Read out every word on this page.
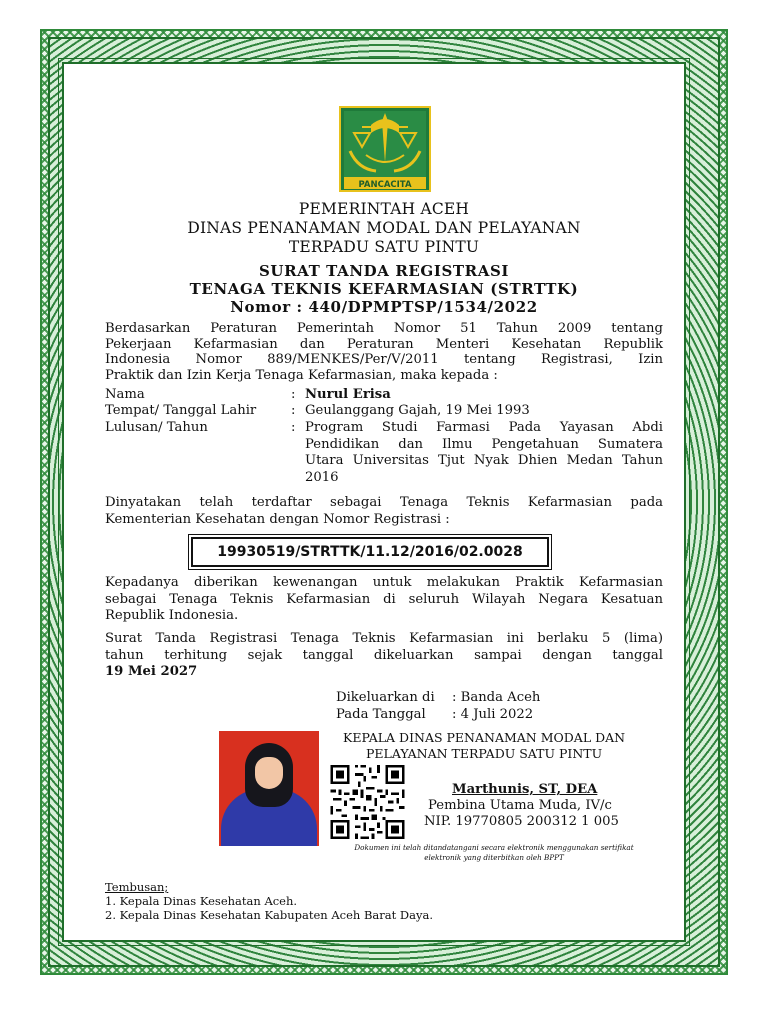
PANCACITA
PEMERINTAH ACEH
DINAS PENANAMAN MODAL DAN PELAYANAN
TERPADU SATU PINTU
SURAT TANDA REGISTRASI
TENAGA TEKNIS KEFARMASIAN (STRTTK)
Nomor : 440/DPMPTSP/1534/2022
Berdasarkan Peraturan Pemerintah Nomor 51 Tahun 2009 tentang
Pekerjaan Kefarmasian dan Peraturan Menteri Kesehatan Republik
Indonesia Nomor 889/MENKES/Per/V/2011 tentang Registrasi, Izin
Praktik dan Izin Kerja Tenaga Kefarmasian, maka kepada :
Nama	: Nurul Erisa
Tempat/ Tanggal Lahir	: Geulanggang Gajah, 19 Mei 1993
Lulusan/ Tahun	: Program Studi Farmasi Pada Yayasan Abdi
Pendidikan dan Ilmu Pengetahuan Sumatera
Utara Universitas Tjut Nyak Dhien Medan Tahun
2016
Dinyatakan telah terdaftar sebagai Tenaga Teknis Kefarmasian pada
Kementerian Kesehatan dengan Nomor Registrasi :
19930519/STRTTK/11.12/2016/02.0028
Kepadanya diberikan kewenangan untuk melakukan Praktik Kefarmasian
sebagai Tenaga Teknis Kefarmasian di seluruh Wilayah Negara Kesatuan
Republik Indonesia.
Surat Tanda Registrasi Tenaga Teknis Kefarmasian ini berlaku 5 (lima)
tahun terhitung sejak tanggal dikeluarkan sampai dengan tanggal
19 Mei 2027
Dikeluarkan di : Banda Aceh
Pada Tanggal : 4 Juli 2022
KEPALA DINAS PENANAMAN MODAL DAN
PELAYANAN TERPADU SATU PINTU
Marthunis, ST, DEA
Pembina Utama Muda, IV/c
NIP. 19770805 200312 1 005
Dokumen ini telah ditandatangani secara elektronik menggunakan sertifikat
elektronik yang diterbitkan oleh BPPT
Tembusan;
1. Kepala Dinas Kesehatan Aceh.
2. Kepala Dinas Kesehatan Kabupaten Aceh Barat Daya.
